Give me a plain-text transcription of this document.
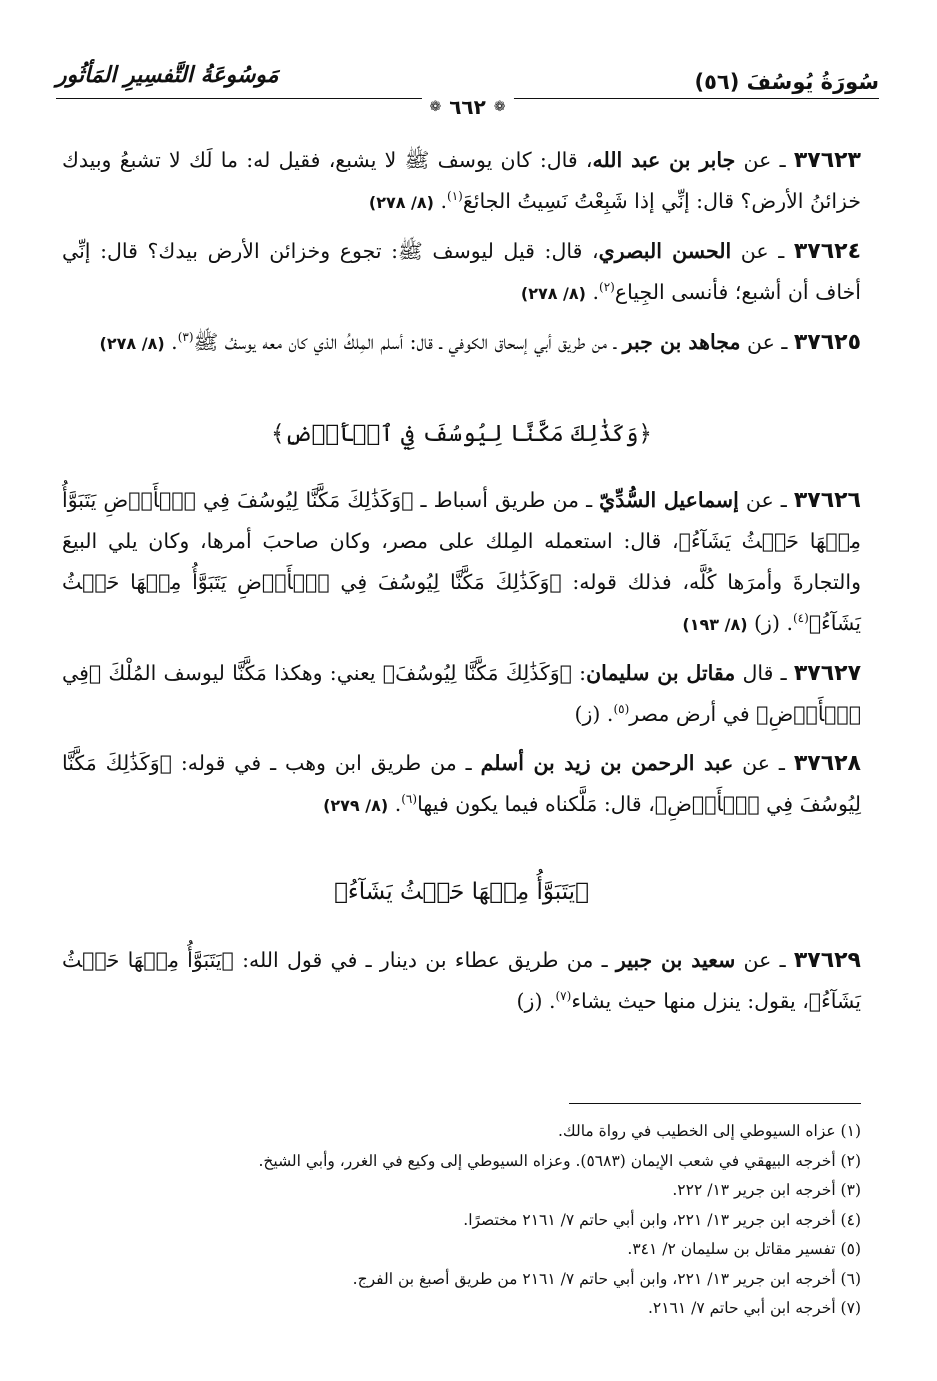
سُورَةُ يُوسُفَ (٥٦)
مَوسُوعَةُ التَّفسِيرِ المَأثُور
❁
٦٦٢
❁

٣٧٦٢٣ ـ عن جابر بن عبد الله، قال: كان يوسف ﷺ لا يشبع، فقيل له: ما لَك لا تشبعُ وبيدك خزائنُ الأرض؟ قال: إنِّي إذا شَبِعْتُ نَسِيتُ الجائعَ$^{(١)}$. (٨/ ٢٧٨)

٣٧٦٢٤ ـ عن الحسن البصري، قال: قيل ليوسف ﷺ: تجوع وخزائن الأرض بيدك؟ قال: إنِّي أخاف أن أشبع؛ فأنسى الجِياع$^{(٢)}$. (٨/ ٢٧٨)

٣٧٦٢٥ ـ عن مجاهد بن جبر ـ من طريق أبي إسحاق الكوفي ـ قال: أسلم المِلكُ الذي كان معه يوسفُ ﷺ$^{(٣)}$. (٨/ ٢٧٨)

﴿وَكَذَٰلِكَ مَكَّنَّا لِيُوسُفَ فِي ٱلۡأَرۡضِ﴾

٣٧٦٢٦ ـ عن إسماعيل السُّدِّيّ ـ من طريق أسباط ـ ﴿وَكَذَٰلِكَ مَكَّنَّا لِيُوسُفَ فِي ٱلۡأَرۡضِ يَتَبَوَّأُ مِنۡهَا حَيۡثُ يَشَآءُ﴾، قال: استعمله المِلك على مصر، وكان صاحبَ أمرها، وكان يلي البيعَ والتجارةَ وأمرَها كُلَّه، فذلك قوله: ﴿وَكَذَٰلِكَ مَكَّنَّا لِيُوسُفَ فِي ٱلۡأَرۡضِ يَتَبَوَّأُ مِنۡهَا حَيۡثُ يَشَآءُ﴾$^{(٤)}$. (ز) (٨/ ١٩٣)

٣٧٦٢٧ ـ قال مقاتل بن سليمان: ﴿وَكَذَٰلِكَ مَكَّنَّا لِيُوسُفَ﴾ يعني: وهكذا مَكَّنَّا ليوسف المُلْكَ ﴿فِي ٱلۡأَرۡضِ﴾ في أرض مصر$^{(٥)}$. (ز)

٣٧٦٢٨ ـ عن عبد الرحمن بن زيد بن أسلم ـ من طريق ابن وهب ـ في قوله: ﴿وَكَذَٰلِكَ مَكَّنَّا لِيُوسُفَ فِي ٱلۡأَرۡضِ﴾، قال: مَلَّكناه فيما يكون فيها$^{(٦)}$. (٨/ ٢٧٩)

﴿يَتَبَوَّأُ مِنۡهَا حَيۡثُ يَشَآءُ﴾

٣٧٦٢٩ ـ عن سعيد بن جبير ـ من طريق عطاء بن دينار ـ في قول الله: ﴿يَتَبَوَّأُ مِنۡهَا حَيۡثُ يَشَآءُ﴾، يقول: ينزل منها حيث يشاء$^{(٧)}$. (ز)

(١) عزاه السيوطي إلى الخطيب في رواة مالك.

(٢) أخرجه البيهقي في شعب الإيمان (٥٦٨٣). وعزاه السيوطي إلى وكيع في الغرر، وأبي الشيخ.

(٣) أخرجه ابن جرير ١٣/ ٢٢٢.

(٤) أخرجه ابن جرير ١٣/ ٢٢١، وابن أبي حاتم ٧/ ٢١٦١ مختصرًا.

(٥) تفسير مقاتل بن سليمان ٢/ ٣٤١.

(٦) أخرجه ابن جرير ١٣/ ٢٢١، وابن أبي حاتم ٧/ ٢١٦١ من طريق أصبغ بن الفرج.

(٧) أخرجه ابن أبي حاتم ٧/ ٢١٦١.
